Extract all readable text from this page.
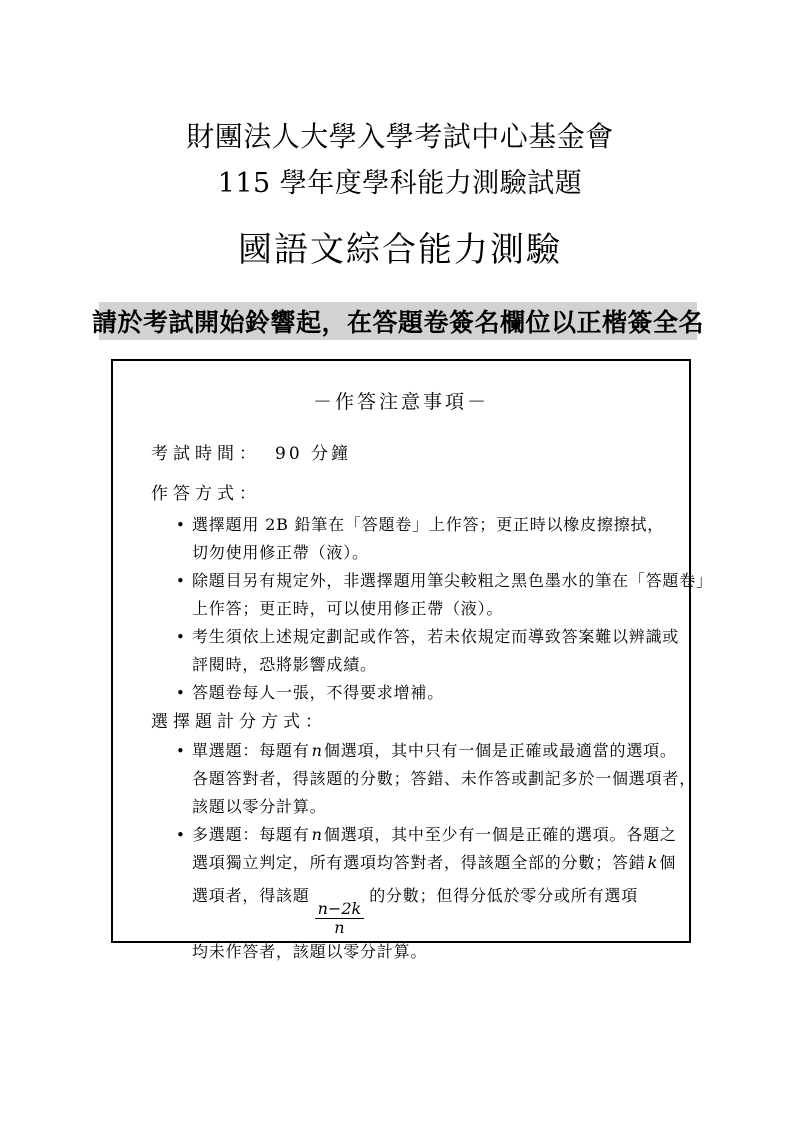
財團法人大學入學考試中心基金會
115 學年度學科能力測驗試題
國語文綜合能力測驗
請於考試開始鈴響起，在答題卷簽名欄位以正楷簽全名
－作答注意事項－
考試時間： 90 分鐘
作答方式：
• 選擇題用 2B 鉛筆在「答題卷」上作答；更正時以橡皮擦擦拭，
切勿使用修正帶（液）。
• 除題目另有規定外，非選擇題用筆尖較粗之黑色墨水的筆在「答題卷」
上作答；更正時，可以使用修正帶（液）。
• 考生須依上述規定劃記或作答，若未依規定而導致答案難以辨識或
評閱時，恐將影響成績。
• 答題卷每人一張，不得要求增補。
選擇題計分方式：
• 單選題：每題有 n 個選項，其中只有一個是正確或最適當的選項。
各題答對者，得該題的分數；答錯、未作答或劃記多於一個選項者，
該題以零分計算。
• 多選題：每題有 n 個選項，其中至少有一個是正確的選項。各題之
選項獨立判定，所有選項均答對者，得該題全部的分數；答錯 k 個
選項者，得該題
$\frac{n-2k}{n}$
的分數；但得分低於零分或所有選項
均未作答者，該題以零分計算。
